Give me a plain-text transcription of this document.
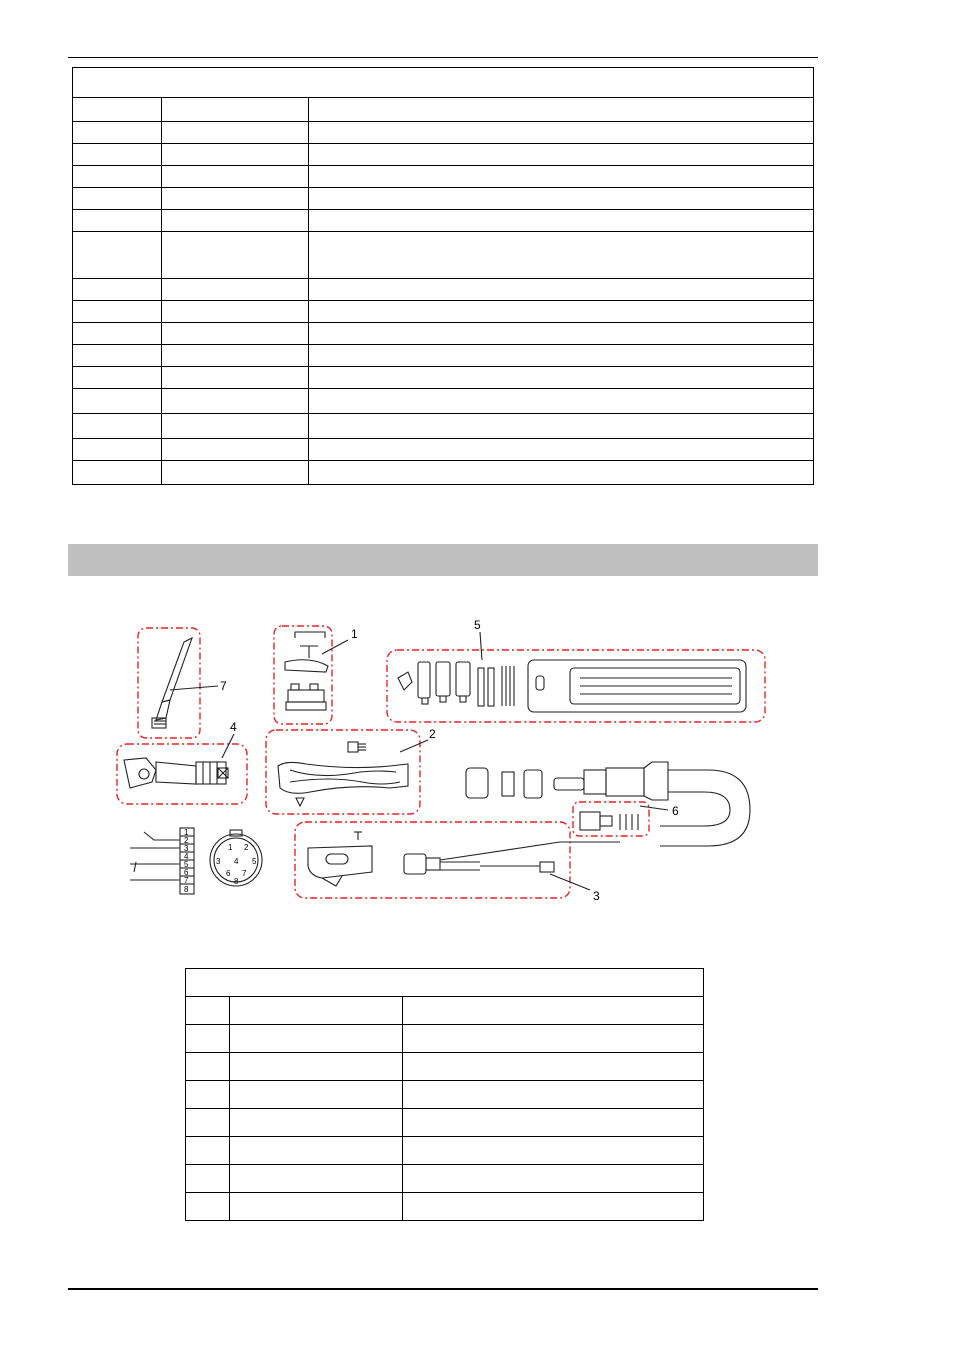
7
1
5
4	2
6
3
1
2
3
4
5
6
7
8
1 2
3 4 5
6 7
8
